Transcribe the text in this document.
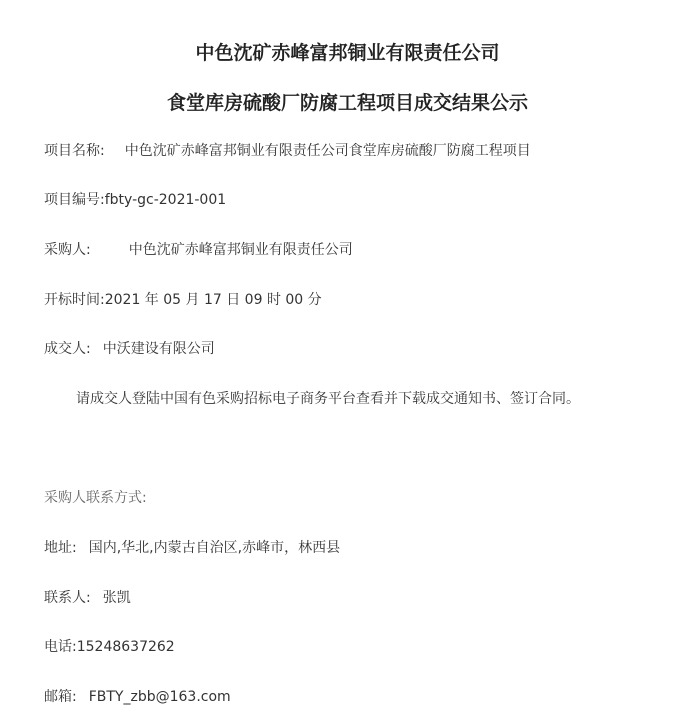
中色沈矿赤峰富邦铜业有限责任公司
食堂库房硫酸厂防腐工程项目成交结果公示
项目名称: 中色沈矿赤峰富邦铜业有限责任公司食堂库房硫酸厂防腐工程项目
项目编号:fbty-gc-2021-001
采购人:	中色沈矿赤峰富邦铜业有限责任公司
开标时间:2021 年 05 月 17 日 09 时 00 分
成交人: 中沃建设有限公司
请成交人登陆中国有色采购招标电子商务平台查看并下载成交通知书、签订合同。
采购人联系方式:
地址: 国内,华北,内蒙古自治区,赤峰市，林西县
联系人: 张凯
电话:15248637262
邮箱: FBTY_zbb@163.com
